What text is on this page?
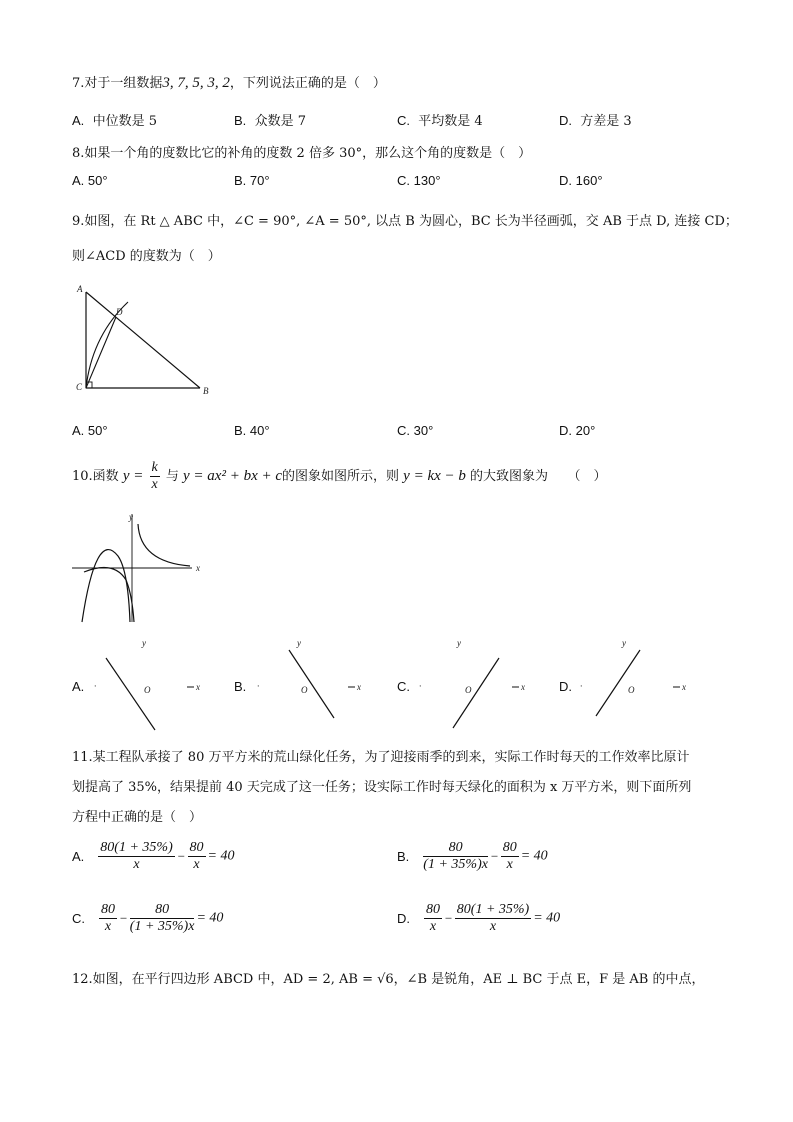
7.对于一组数据3, 7, 5, 3, 2，下列说法正确的是（　）
A. 中位数是 5	B. 众数是 7	C. 平均数是 4	D. 方差是 3
8.如果一个角的度数比它的补角的度数 2 倍多 30°，那么这个角的度数是（　）
A. 50°	B. 70°	C. 130°	D. 160°
9.如图，在 Rt △ ABC 中，∠C = 90°, ∠A = 50°, 以点 B 为圆心，BC 长为半径画弧，交 AB 于点 D, 连接 CD；
则∠ACD 的度数为（　）
A
D
C	B
A. 50°	B. 40°	C. 30°	D. 20°
10.函数 $y = \frac{k}{x}$ 与 y = ax² + bx + c的图象如图所示，则 y = kx − b 的大致图象为　　（　）
y
x
A.
y
·	O	x	B.
y
·	O	x	C.
y
·	O	x	D.
y
·	O	x
11.某工程队承接了 80 万平方米的荒山绿化任务，为了迎接雨季的到来，实际工作时每天的工作效率比原计
划提高了 35%，结果提前 40 天完成了这一任务；设实际工作时每天绿化的面积为 x 万平方米，则下面所列
方程中正确的是（　）
A. $\frac{80(1 + 35\%)}{x} - \frac{80}{x} = 40$	B. $\frac{80}{(1 + 35\%)x} - \frac{80}{x} = 40$
C. $\frac{80}{x} - \frac{80}{(1 + 35\%)x} = 40$	D. $\frac{80}{x} - \frac{80(1 + 35\%)}{x} = 40$
12.如图，在平行四边形 ABCD 中，AD = 2, AB = √6，∠B 是锐角，AE ⊥ BC 于点 E，F 是 AB 的中点，
